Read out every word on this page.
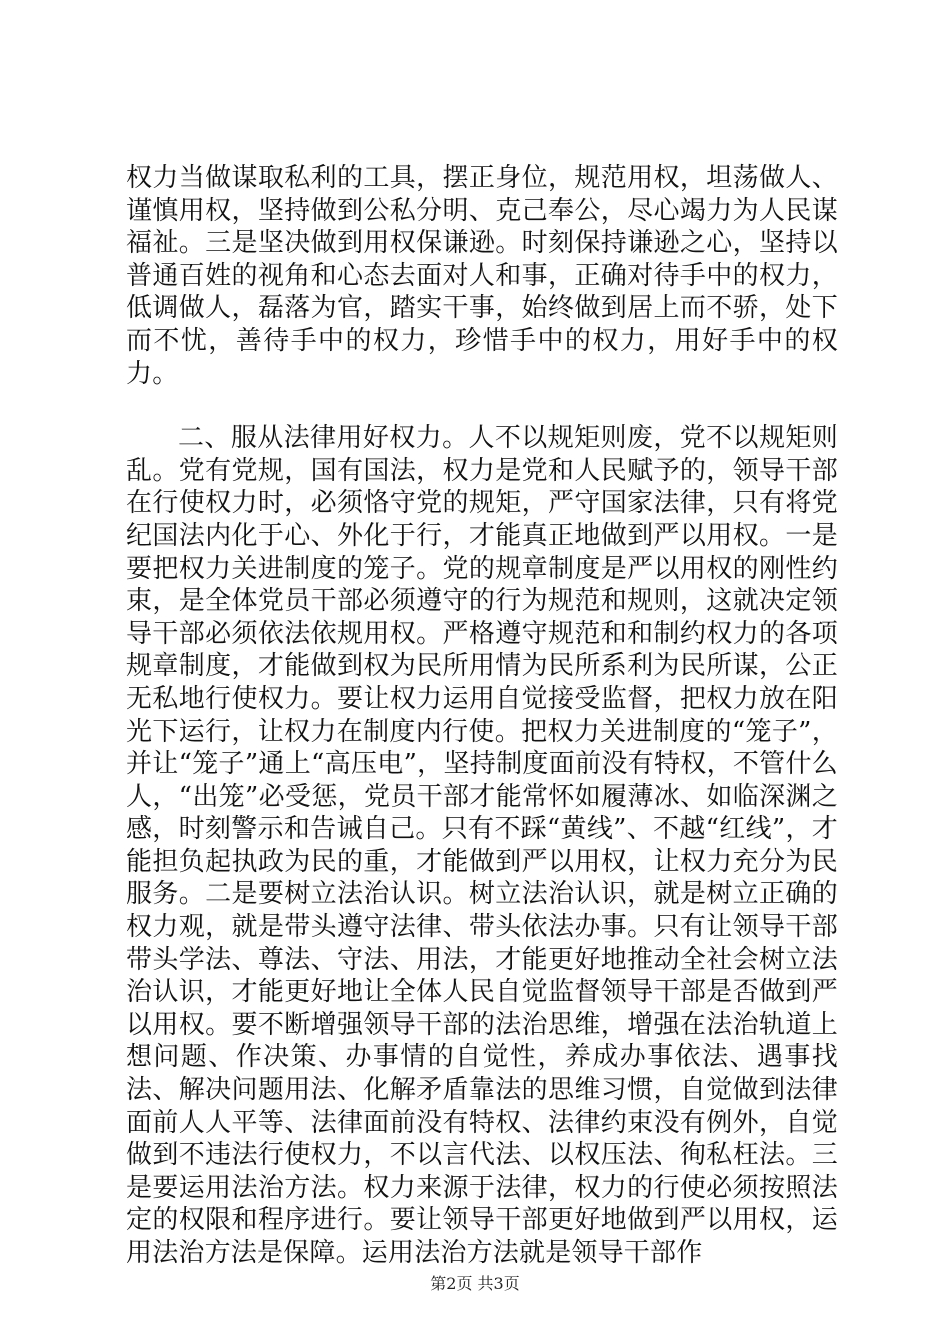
权力当做谋取私利的工具，摆正身位，规范用权，坦荡做人、谨慎用权，坚持做到公私分明、克己奉公，尽心竭力为人民谋福祉。三是坚决做到用权保谦逊。时刻保持谦逊之心，坚持以普通百姓的视角和心态去面对人和事，正确对待手中的权力，低调做人，磊落为官，踏实干事，始终做到居上而不骄，处下而不忧，善待手中的权力，珍惜手中的权力，用好手中的权力。

二、服从法律用好权力。人不以规矩则废，党不以规矩则乱。党有党规，国有国法，权力是党和人民赋予的，领导干部在行使权力时，必须恪守党的规矩，严守国家法律，只有将党纪国法内化于心、外化于行，才能真正地做到严以用权。一是要把权力关进制度的笼子。党的规章制度是严以用权的刚性约束，是全体党员干部必须遵守的行为规范和规则，这就决定领导干部必须依法依规用权。严格遵守规范和和制约权力的各项规章制度，才能做到权为民所用情为民所系利为民所谋，公正无私地行使权力。要让权力运用自觉接受监督，把权力放在阳光下运行，让权力在制度内行使。把权力关进制度的“笼子”，并让“笼子”通上“高压电”，坚持制度面前没有特权，不管什么人，“出笼”必受惩，党员干部才能常怀如履薄冰、如临深渊之感，时刻警示和告诫自己。只有不踩“黄线”、不越“红线”，才能担负起执政为民的重，才能做到严以用权，让权力充分为民服务。二是要树立法治认识。树立法治认识，就是树立正确的权力观，就是带头遵守法律、带头依法办事。只有让领导干部带头学法、尊法、守法、用法，才能更好地推动全社会树立法治认识，才能更好地让全体人民自觉监督领导干部是否做到严以用权。要不断增强领导干部的法治思维，增强在法治轨道上想问题、作决策、办事情的自觉性，养成办事依法、遇事找法、解决问题用法、化解矛盾靠法的思维习惯，自觉做到法律面前人人平等、法律面前没有特权、法律约束没有例外，自觉做到不违法行使权力，不以言代法、以权压法、徇私枉法。三是要运用法治方法。权力来源于法律，权力的行使必须按照法定的权限和程序进行。要让领导干部更好地做到严以用权，运用法治方法是保障。运用法治方法就是领导干部作

第2页 共3页
